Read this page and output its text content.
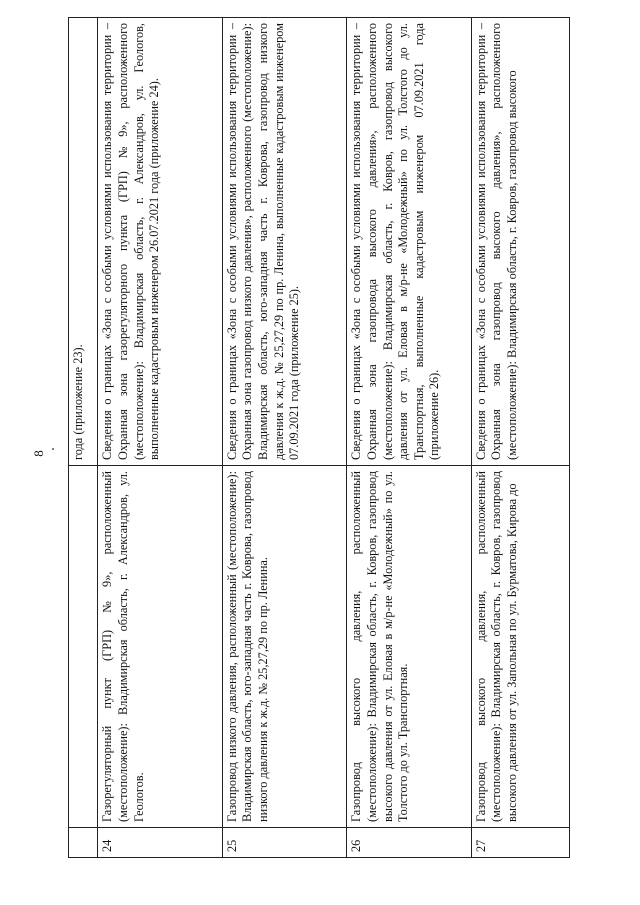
8
		года (приложение 23).
24	Газорегуляторный пункт (ГРП) №9», расположенный (местоположение): Владимирская область, г. Александров, ул. Геологов.	Сведения о границах «Зона с особыми условиями использования территории – Охранная зона газорегуляторного пункта (ГРП) №9», расположенного (местоположение): Владимирская область, г. Александров, ул. Геологов, выполненные кадастровым инженером 26.07.2021 года (приложение 24).
25	Газопровод низкого давления, расположенный (местоположение): Владимирская область, юго-западная часть г. Коврова, газопровод низкого давления к ж.д. № 25,27,29 по пр. Ленина.	Сведения о границах «Зона с особыми условиями использования территории – Охранная зона газопровод низкого давления», расположенного (местоположение): Владимирская область, юго-западная часть г. Коврова, газопровод низкого давления к ж.д. № 25,27,29 по пр. Ленина, выполненные кадастровым инженером 07.09.2021 года (приложение 25).
26	Газопровод высокого давления, расположенный (местоположение): Владимирская область, г. Ковров, газопровод высокого давления от ул. Еловая в м/р-не «Молодежный» по ул. Толстого до ул. Транспортная.	Сведения о границах «Зона с особыми условиями использования территории – Охранная зона газопровода высокого давления», расположенного (местоположение): Владимирская область, г. Ковров, газопровод высокого давления от ул. Еловая в м/р-не «Молодежный» по ул. Толстого до ул. Транспортная, выполненные кадастровым инженером 07.09.2021 года (приложение 26).
27	Газопровод высокого давления, расположенный (местоположение): Владимирская область, г. Ковров, газопровод высокого давления от ул. Запольная по ул. Бурматова, Кирова до	Сведения о границах «Зона с особыми условиями использования территории – Охранная зона газопровод высокого давления», расположенного (местоположение): Владимирская область, г. Ковров, газопровод высокого
